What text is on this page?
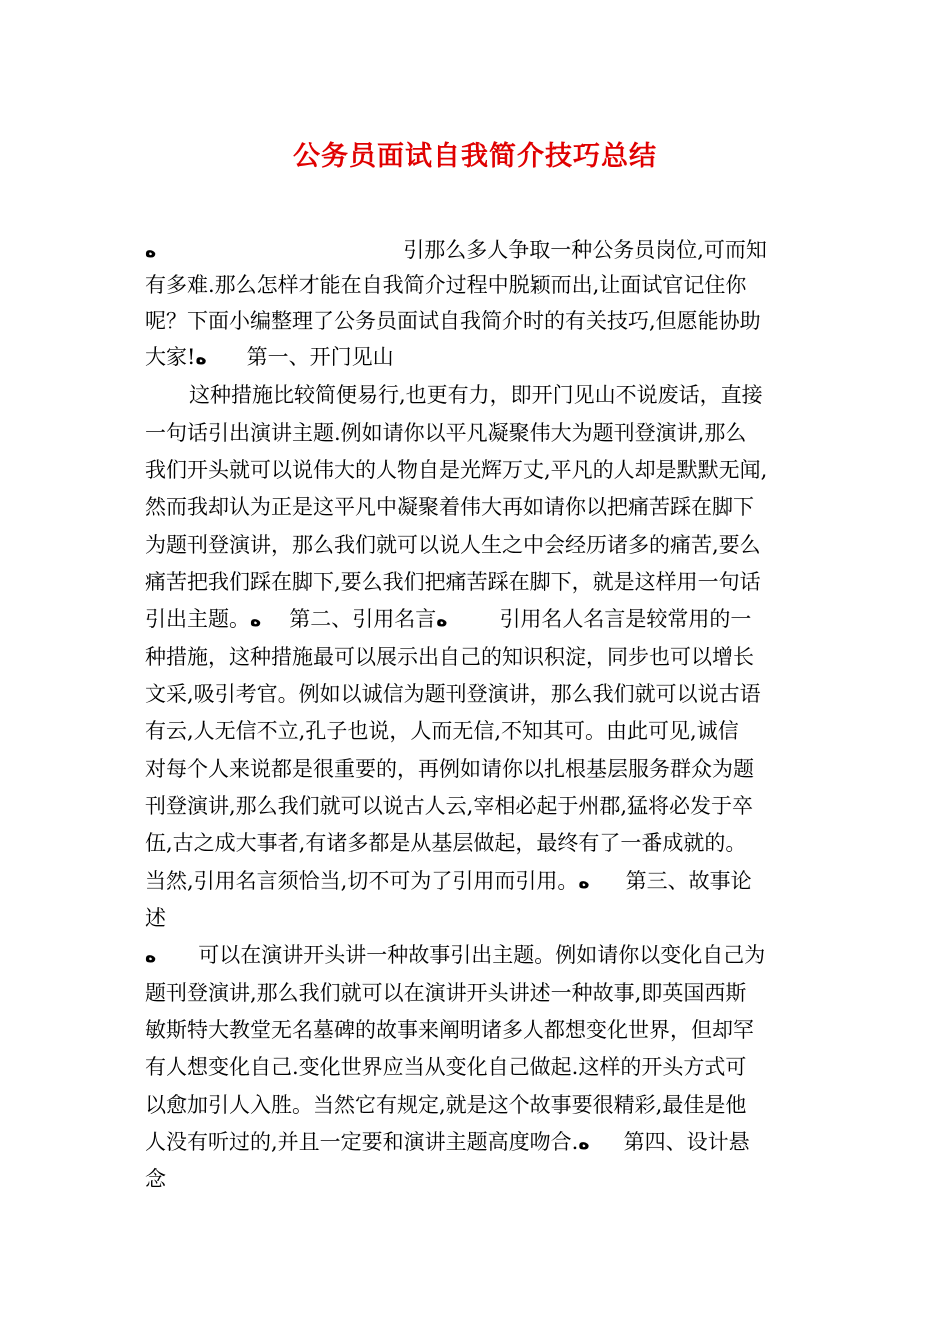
公务员面试自我简介技巧总结
ﻩ	引那么多人争取一种公务员岗位,可而知
有多难.那么怎样才能在自我简介过程中脱颖而出,让面试官记住你
呢？下面小编整理了公务员面试自我简介时的有关技巧,但愿能协助
大家!ﻩ 第一、开门见山
这种措施比较简便易行,也更有力，即开门见山不说废话，直接
一句话引出演讲主题.例如请你以平凡凝聚伟大为题刊登演讲,那么
我们开头就可以说伟大的人物自是光辉万丈,平凡的人却是默默无闻,
然而我却认为正是这平凡中凝聚着伟大再如请你以把痛苦踩在脚下
为题刊登演讲，那么我们就可以说人生之中会经历诸多的痛苦,要么
痛苦把我们踩在脚下,要么我们把痛苦踩在脚下，就是这样用一句话
引出主题。ﻩ 第二、引用名言ﻩ 引用名人名言是较常用的一
种措施，这种措施最可以展示出自己的知识积淀，同步也可以增长
文采,吸引考官。例如以诚信为题刊登演讲，那么我们就可以说古语
有云,人无信不立,孔子也说，人而无信,不知其可。由此可见,诚信
对每个人来说都是很重要的，再例如请你以扎根基层服务群众为题
刊登演讲,那么我们就可以说古人云,宰相必起于州郡,猛将必发于卒
伍,古之成大事者,有诸多都是从基层做起，最终有了一番成就的。
当然,引用名言须恰当,切不可为了引用而引用。ﻩ 第三、故事论
述
ﻩ 可以在演讲开头讲一种故事引出主题。例如请你以变化自己为
题刊登演讲,那么我们就可以在演讲开头讲述一种故事,即英国西斯
敏斯特大教堂无名墓碑的故事来阐明诸多人都想变化世界，但却罕
有人想变化自己.变化世界应当从变化自己做起.这样的开头方式可
以愈加引人入胜。当然它有规定,就是这个故事要很精彩,最佳是他
人没有听过的,并且一定要和演讲主题高度吻合.ﻩ 第四、设计悬
念
